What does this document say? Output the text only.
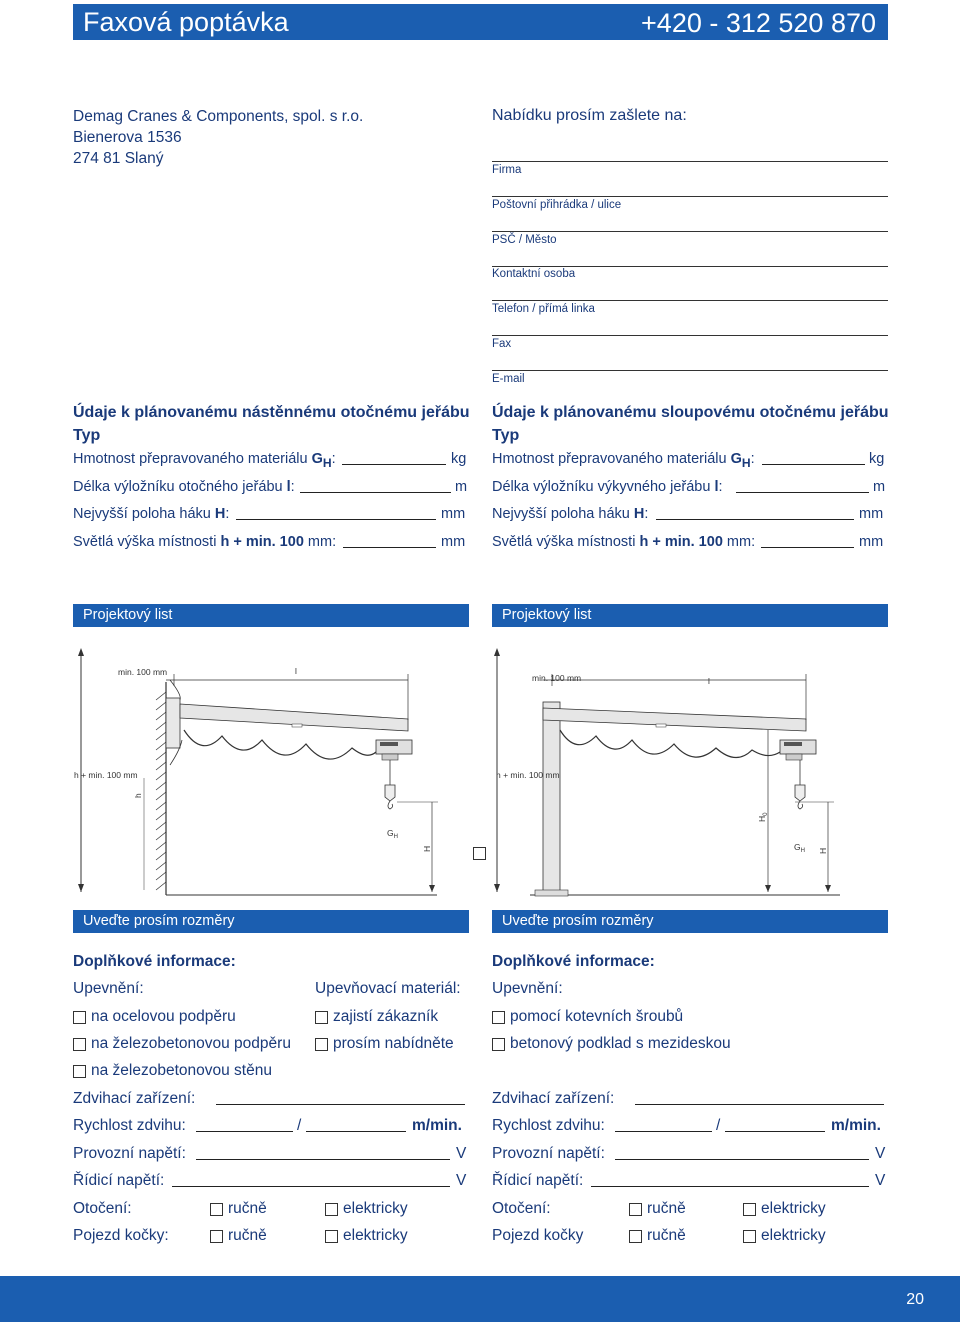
Faxová poptávka	+420 - 312 520 870
Demag Cranes & Components, spol. s r.o.
Bienerova 1536
274 81 Slaný
Nabídku prosím zašlete na:
Firma
Poštovní přihrádka / ulice
PSČ / Město
Kontaktní osoba
Telefon / přímá linka
Fax
E-mail
Údaje k plánovanému nástěnnému otočnému jeřábu
Typ
Hmotnost přepravovaného materiálu $G_H$:	kg
Délka výložníku otočného jeřábu l:	m
Nejvyšší poloha háku H:	mm
Světlá výška místnosti h + min. 100 mm:	mm
Údaje k plánovanému sloupovému otočnému jeřábu
Typ
Hmotnost přepravovaného materiálu $G_H$:	kg
Délka výložníku výkyvného jeřábu l:	m
Nejvyšší poloha háku H:	mm
Světlá výška místnosti h + min. 100 mm:	mm
Projektový list	Projektový list
min. 100 mm	l
h + min. 100 mm
h
$G_H$
H
min. 100 mm	l
h + min. 100 mm
$H_0$
$G_H$ H
Uveďte prosím rozměry	Uveďte prosím rozměry
Doplňkové informace:
Upevnění:	Upevňovací materiál:
na ocelovou podpěru	zajistí zákazník
na železobetonovou podpěru	prosím nabídněte
na železobetonovou stěnu
Zdvihací zařízení:
Rychlost zdvihu:	/	m/min.
Provozní napětí:	V
Řídicí napětí:	V
Otočení:	ručně	elektricky
Pojezd kočky:	ručně	elektricky
Doplňkové informace:
Upevnění:
pomocí kotevních šroubů
betonový podklad s mezideskou
Zdvihací zařízení:
Rychlost zdvihu:	/	m/min.
Provozní napětí:	V
Řídicí napětí:	V
Otočení:	ručně	elektricky
Pojezd kočky	ručně	elektricky
20
